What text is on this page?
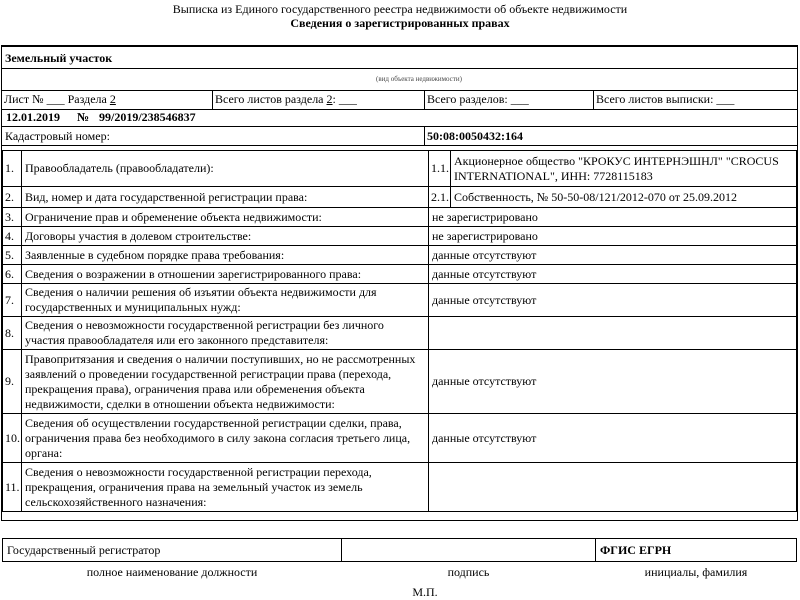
Выписка из Единого государственного реестра недвижимости об объекте недвижимости
Сведения о зарегистрированных правах
Земельный участок
(вид объекта недвижимости)
Лист № ___ Раздела 2	Всего листов раздела 2: ___	Всего разделов: ___	Всего листов выписки: ___
12.01.2019 № 99/2019/238546837
Кадастровый номер:	50:08:0050432:164
1.	Правообладатель (правообладатели):	1.1.	Акционерное общество "КРОКУС ИНТЕРНЭШНЛ" "CROCUS INTERNATIONAL", ИНН: 7728115183
2.	Вид, номер и дата государственной регистрации права:	2.1.	Собственность, № 50-50-08/121/2012-070 от 25.09.2012
3.	Ограничение прав и обременение объекта недвижимости:	не зарегистрировано	
4.	Договоры участия в долевом строительстве:	не зарегистрировано	
5.	Заявленные в судебном порядке права требования:	данные отсутствуют	
6.	Сведения о возражении в отношении зарегистрированного права:	данные отсутствуют	
7.	Сведения о наличии решения об изъятии объекта недвижимости для государственных и муниципальных нужд:	данные отсутствуют	
8.	Сведения о невозможности государственной регистрации без личного участия правообладателя или его законного представителя:		
9.	Правопритязания и сведения о наличии поступивших, но не рассмотренных заявлений о проведении государственной регистрации права (перехода, прекращения права), ограничения права или обременения объекта недвижимости, сделки в отношении объекта недвижимости:	данные отсутствуют	
10.	Сведения об осуществлении государственной регистрации сделки, права, ограничения права без необходимого в силу закона согласия третьего лица, органа:	данные отсутствуют	
11.	Сведения о невозможности государственной регистрации перехода, прекращения, ограничения права на земельный участок из земель сельскохозяйственного назначения:		
Государственный регистратор		ФГИС ЕГРН
полное наименование должности	подпись	инициалы, фамилия
М.П.
